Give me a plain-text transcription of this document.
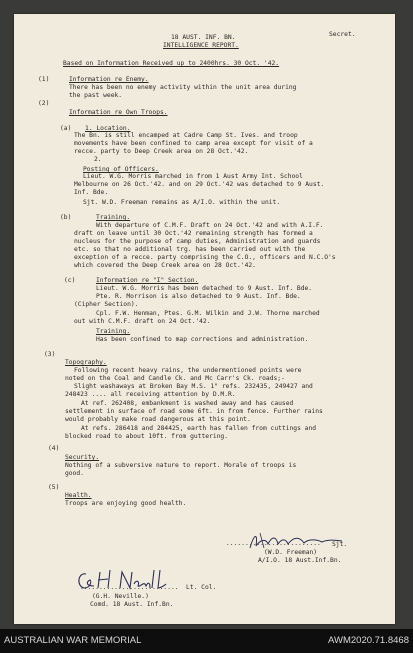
Secret.
18 AUST. INF. BN.
INTELLIGENCE REPORT.
Based on Information Received up to 2400hrs. 30 Oct. '42.
(1)	Information re Enemy.
There has been no enemy activity within the unit area during
the past week.
(2)
Information re Own Troops.
(a) 1. Location.
The Bn. is still encamped at Cadre Camp St. Ives. and troop
movements have been confined to camp area except for visit of a
recce. party to Deep Creek area on 28 Oct.'42.
2.
Posting of Officers.
Lieut. W.G. Morris marched in from 1 Aust Army Int. School
Melbourne on 26 Oct.'42. and on 29 Oct.'42 was detached to 9 Aust.
Inf. Bde.
Sjt. W.D. Freeman remains as A/I.O. within the unit.
(b)	Training.
With departure of C.M.F. Draft on 24 Oct.'42 and with A.I.F.
draft on leave until 30 Oct.'42 remaining strength has formed a
nucleus for the purpose of camp duties, Administration and guards
etc. so that no additional trg. has been carried out with the
exception of a recce. party comprising the C.O., officers and N.C.O's
which covered the Deep Creek area on 28 Oct.'42.
(c)	Information re "I" Section.
Lieut. W.G. Morris has been detached to 9 Aust. Inf. Bde.
Pte. R. Morrison is also detached to 9 Aust. Inf. Bde.
(Cipher Section).
Cpl. F.W. Henman, Ptes. G.M. Wilkin and J.W. Thorne marched
out with C.M.F. draft on 24 Oct.'42.
Training.
Has been confined to map corrections and administration.
(3)
Topography.
Following recent heavy rains, the undermentioned points were
noted on the Coal and Candle Ck. and Mc Carr's Ck. roads;-
Slight washaways at Broken Bay M.S. 1" refs. 232435, 249427 and
248423 .... all receiving attention by D.M.R.
At ref. 262408, embankment is washed away and has caused
settlement in surface of road some 6ft. in from fence. Further rains
would probably make road dangerous at this point.
At refs. 286418 and 284425, earth has fallen from cuttings and
blocked road to about 10ft. from guttering.
(4)
Security.
Nothing of a subversive nature to report. Morale of troops is
good.
(5)
Health.
Troops are enjoying good health.
......................... Sjt.
(W.D. Freeman)
A/I.O. 18 Aust.Inf.Bn.
.......................... Lt. Col.
(G.H. Neville.)
Comd. 18 Aust. Inf.Bn.
AUSTRALIAN WAR MEMORIAL	AWM2020.71.8468
